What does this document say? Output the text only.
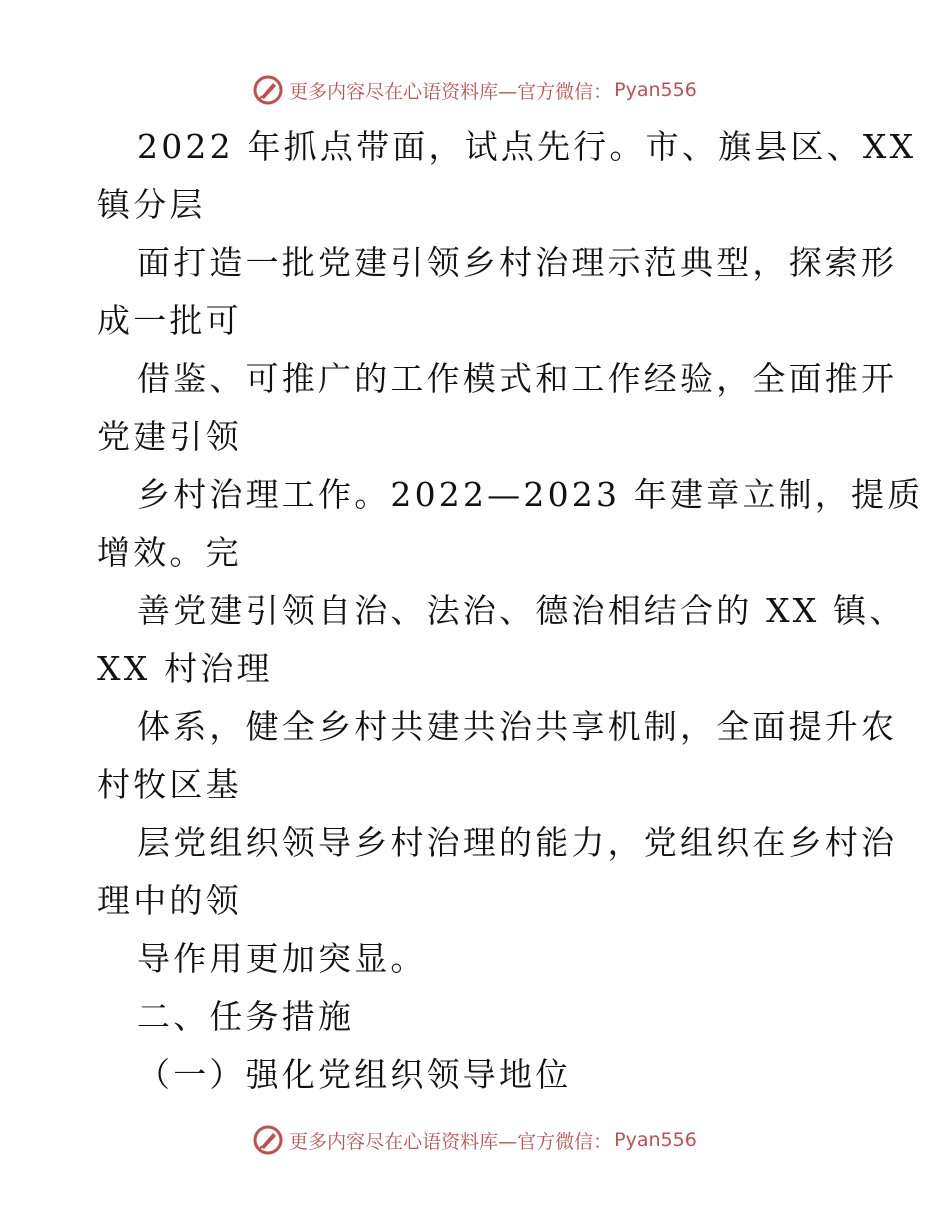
更多内容尽在心语资料库—官方微信： Pyan556
2022 年抓点带面，试点先行。市、旗县区、XX
镇分层
面打造一批党建引领乡村治理示范典型，探索形
成一批可
借鉴、可推广的工作模式和工作经验，全面推开
党建引领
乡村治理工作。2022—2023 年建章立制，提质
增效。完
善党建引领自治、法治、德治相结合的 XX 镇、
XX 村治理
体系，健全乡村共建共治共享机制，全面提升农
村牧区基
层党组织领导乡村治理的能力，党组织在乡村治
理中的领
导作用更加突显。
二、任务措施
（一）强化党组织领导地位
更多内容尽在心语资料库—官方微信： Pyan556
